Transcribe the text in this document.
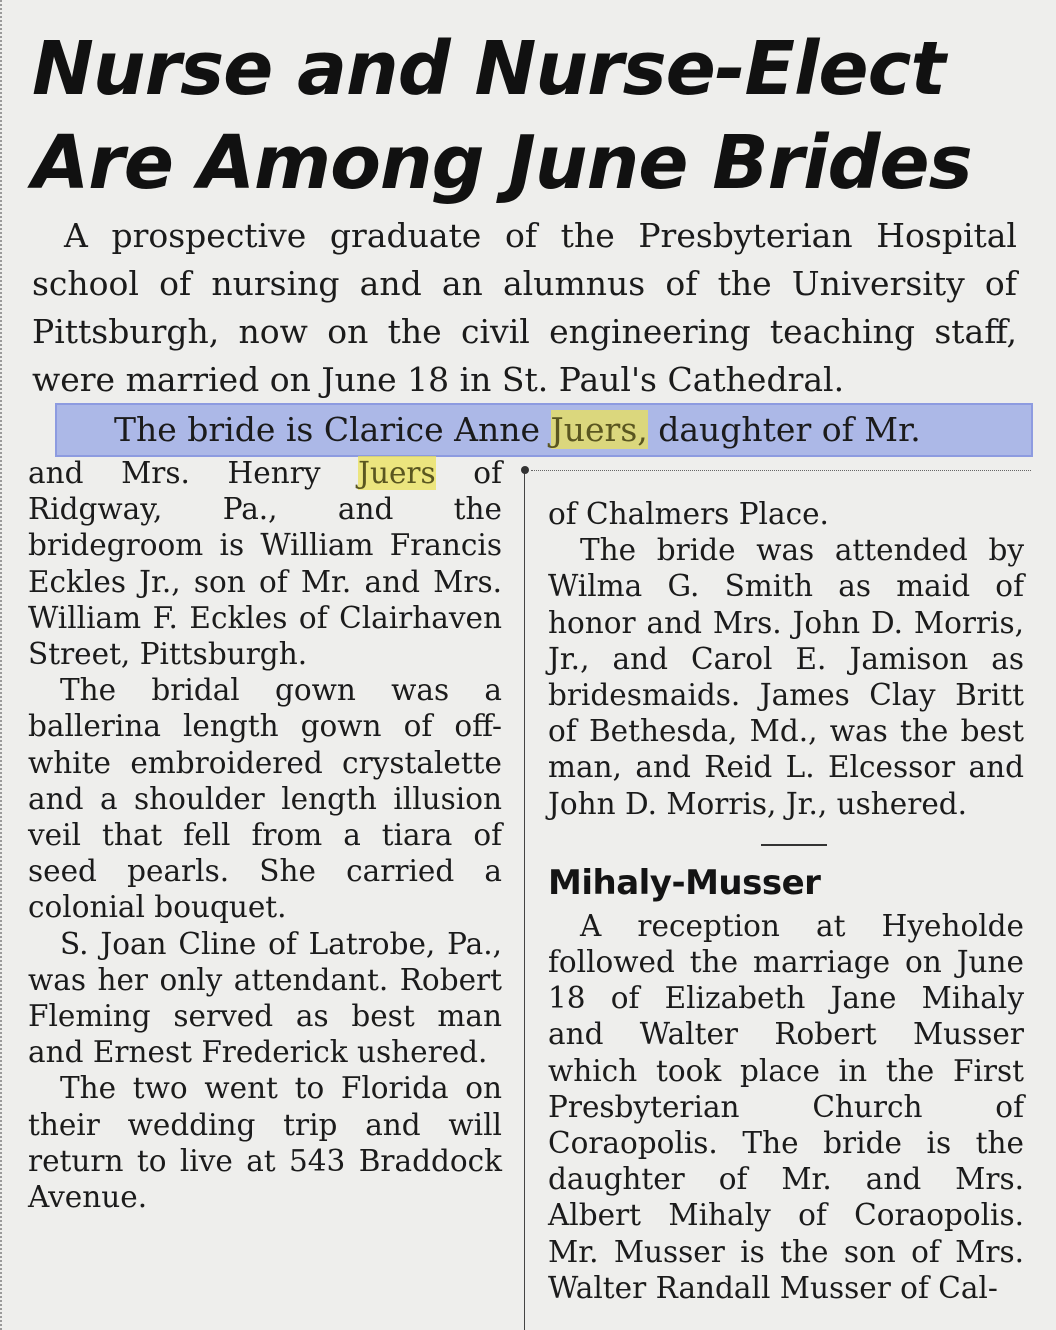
Nurse and Nurse-Elect
Are Among June Brides

A prospective graduate of the Presbyterian Hospital school of nursing and an alumnus of the University of Pittsburgh, now on the civil engineering teaching staff, were married on June 18 in St. Paul's Cathedral.

The bride is Clarice Anne Juers, daughter of Mr.

and Mrs. Henry Juers of Ridgway, Pa., and the bridegroom is William Francis Eckles Jr., son of Mr. and Mrs. William F. Eckles of Clairhaven Street, Pittsburgh.

The bridal gown was a ballerina length gown of off-white embroidered crystalette and a shoulder length illusion veil that fell from a tiara of seed pearls. She carried a colonial bouquet.

S. Joan Cline of Latrobe, Pa., was her only attendant. Robert Fleming served as best man and Ernest Frederick ushered.

The two went to Florida on their wedding trip and will return to live at 543 Braddock Avenue.

of Chalmers Place.

The bride was attended by Wilma G. Smith as maid of honor and Mrs. John D. Morris, Jr., and Carol E. Jamison as bridesmaids. James Clay Britt of Bethesda, Md., was the best man, and Reid L. Elcessor and John D. Morris, Jr., ushered.

Mihaly-Musser

A reception at Hyeholde followed the marriage on June 18 of Elizabeth Jane Mihaly and Walter Robert Musser which took place in the First Presbyterian Church of Coraopolis. The bride is the daughter of Mr. and Mrs. Albert Mihaly of Coraopolis. Mr. Musser is the son of Mrs. Walter Randall Musser of Cal-
